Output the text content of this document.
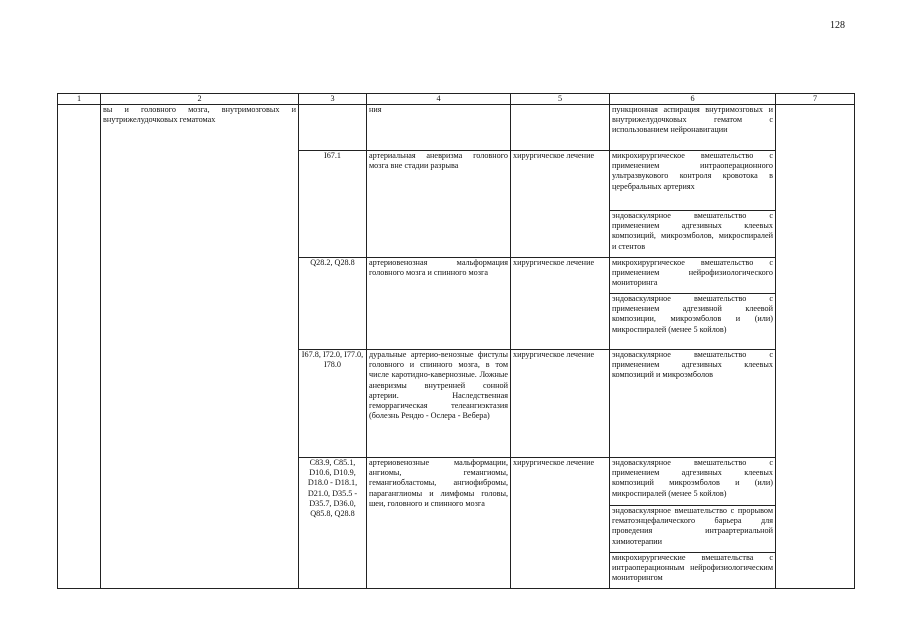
128
1	2	3	4	5	6	7
	вы и головного мозга, внутримозговых и внутрижелудочковых гематомах		ния		пункционная аспирация внутримозговых и внутрижелудочковых гематом с использованием нейронавигации	
		I67.1	артериальная аневризма головного мозга вне стадии разрыва	хирургическое лечение	микрохирургическое вмешательство с применением интраоперационного ультразвукового контроля кровотока в церебральных артериях	
					эндоваскулярное вмешательство с применением адгезивных клеевых композиций, микроэмболов, микроспиралей и стентов	
		Q28.2, Q28.8	артериовенозная мальформация головного мозга и спинного мозга	хирургическое лечение	микрохирургическое вмешательство с применением нейрофизиологического мониторинга	
					эндоваскулярное вмешательство с применением адгезивной клеевой композиции, микроэмболов и (или) микроспиралей (менее 5 койлов)	
		I67.8, I72.0, I77.0, I78.0	дуральные артерио-венозные фистулы головного и спинного мозга, в том числе каротидно-кавернозные. Ложные аневризмы внутренней сонной артерии. Наследственная геморрагическая телеангиэктазия (болезнь Рендю - Ослера - Вебера)	хирургическое лечение	эндоваскулярное вмешательство с применением адгезивных клеевых композиций и микроэмболов	
		C83.9, C85.1, D10.6, D10.9, D18.0 - D18.1, D21.0, D35.5 - D35.7, D36.0, Q85.8, Q28.8	артериовенозные мальформации, ангиомы, гемангиомы, гемангиобластомы, ангиофибромы, параганглиомы и лимфомы головы, шеи, головного и спинного мозга	хирургическое лечение	эндоваскулярное вмешательство с применением адгезивных клеевых композиций микроэмболов и (или) микроспиралей (менее 5 койлов)	
					эндоваскулярное вмешательство с прорывом гематоэнцефалического барьера для проведения интраартериальной химиотерапии	
					микрохирургические вмешательства с интраоперационным нейрофизиологическим мониторингом	
